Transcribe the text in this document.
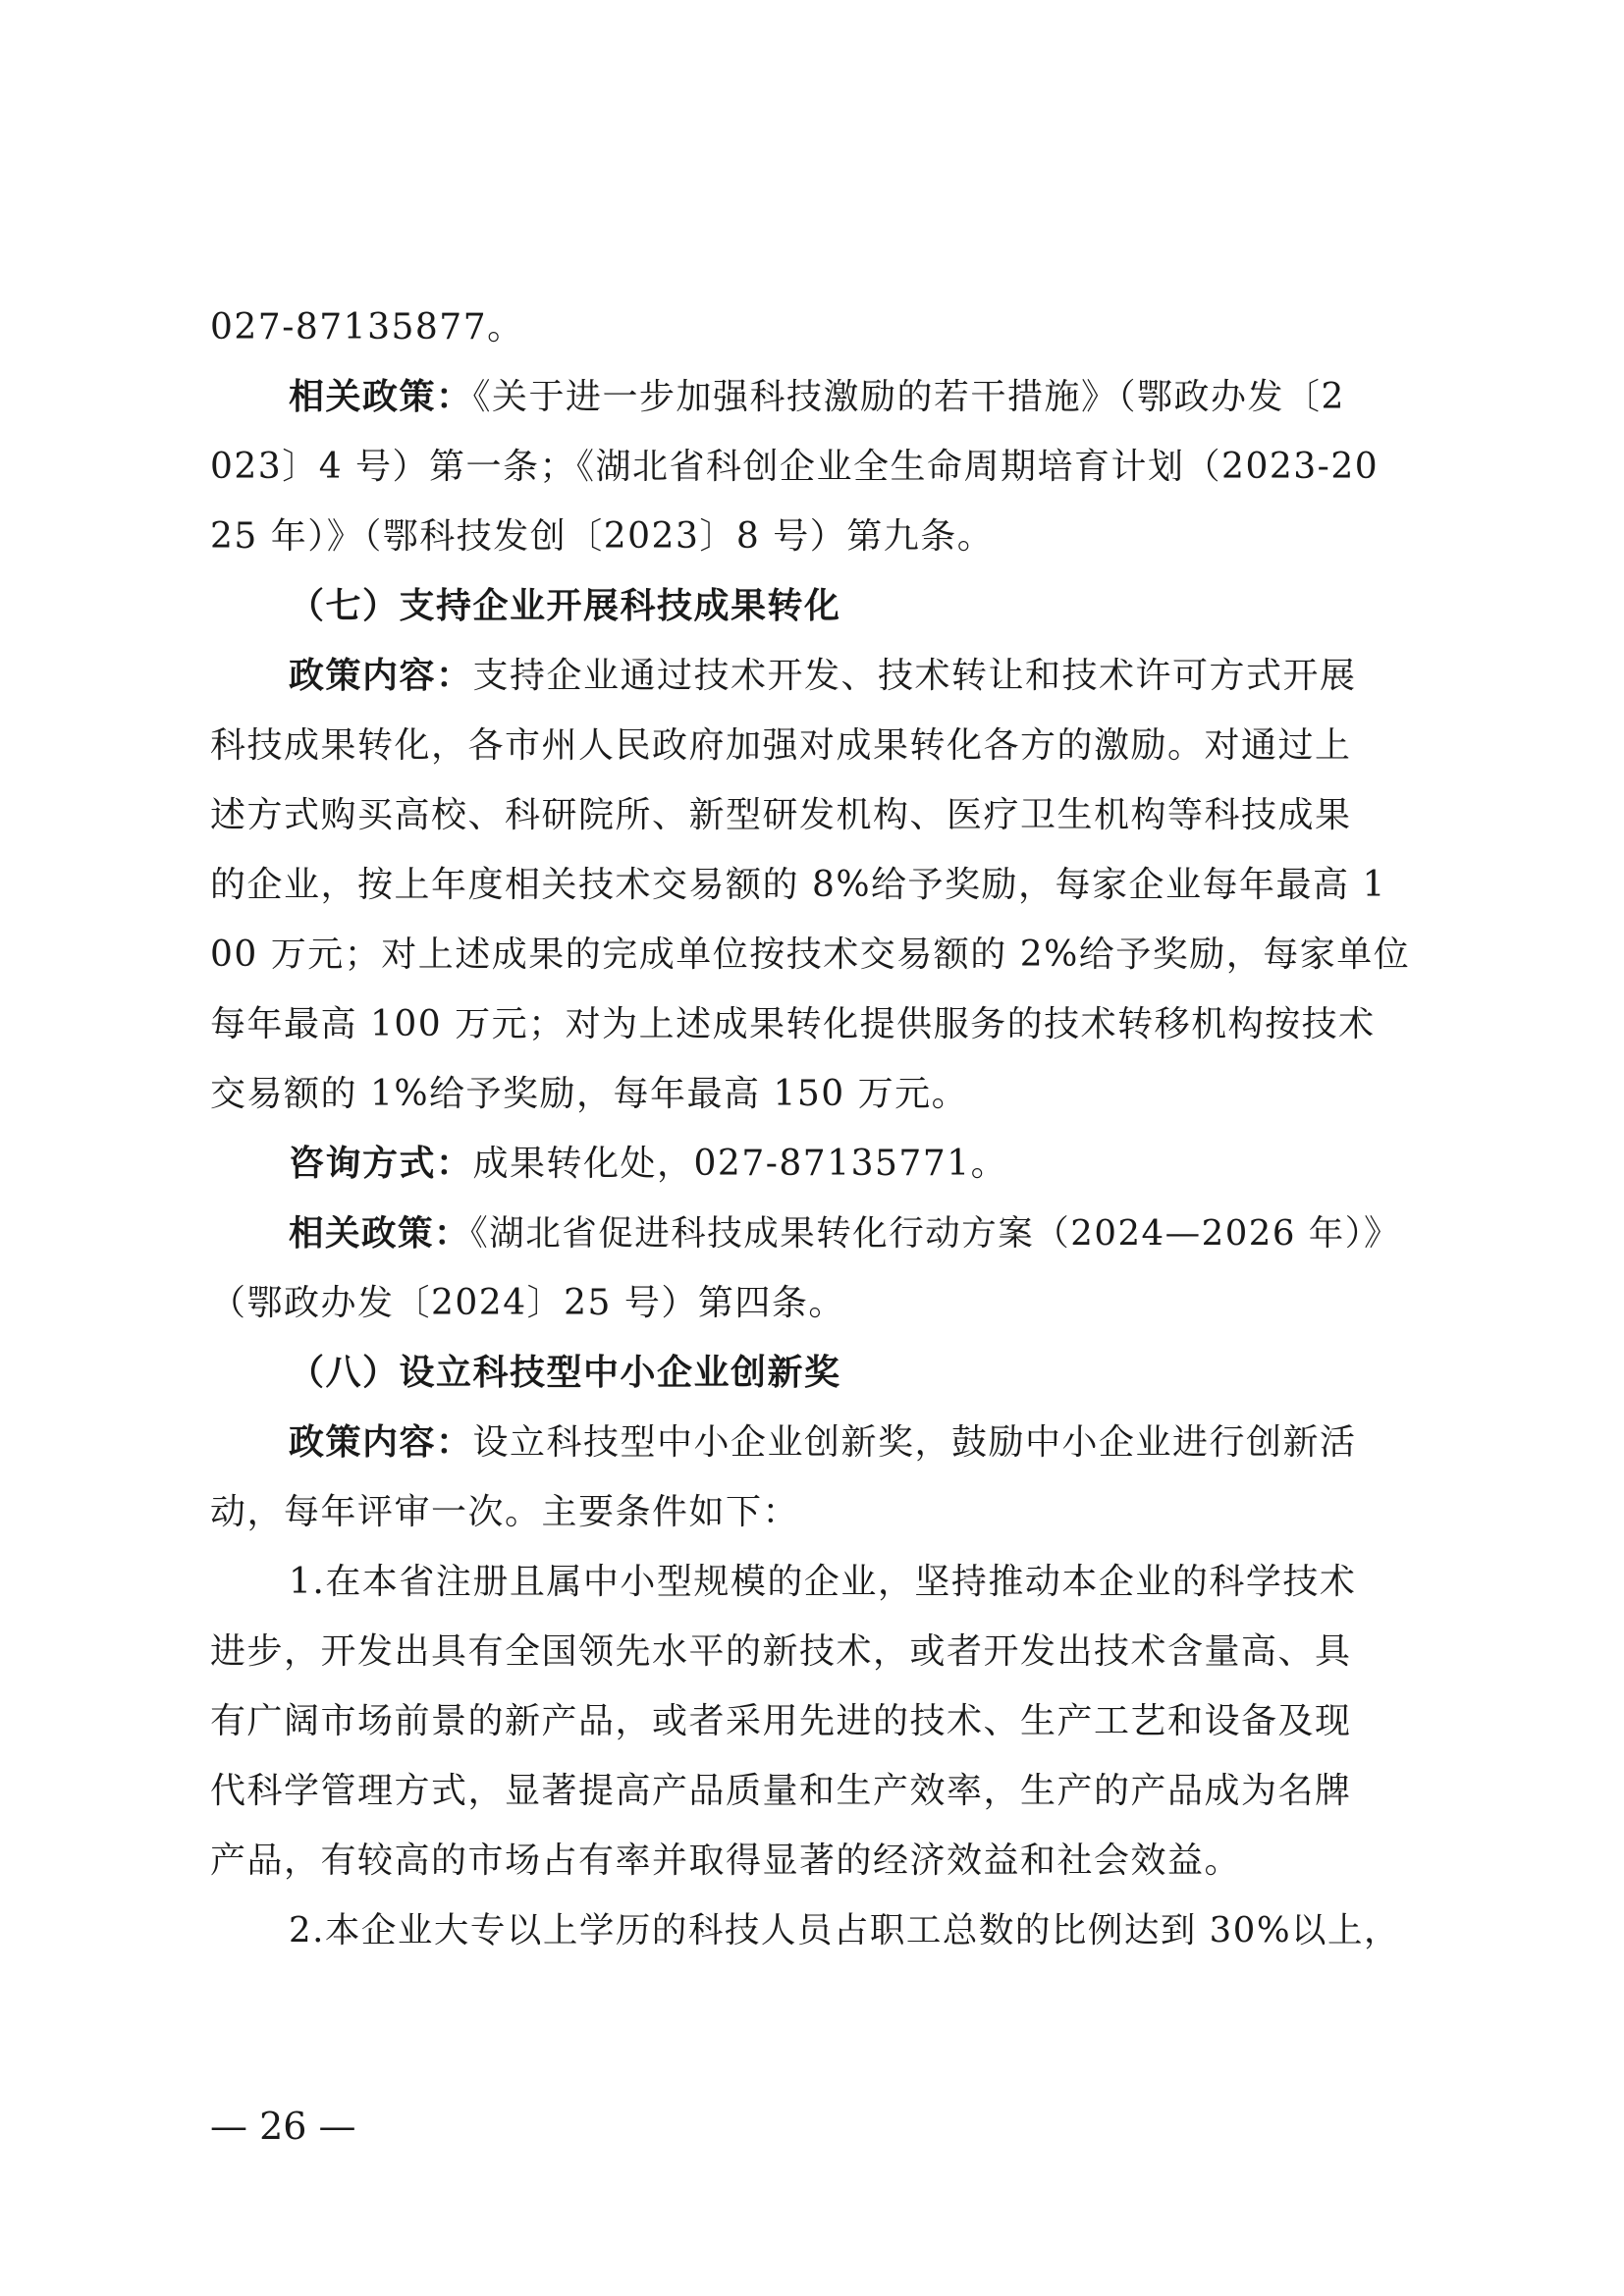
027-87135877。
相关政策：《关于进一步加强科技激励的若干措施》（鄂政办发〔2
023〕4 号）第一条；《湖北省科创企业全生命周期培育计划（2023-20
25 年）》（鄂科技发创〔2023〕8 号）第九条。
（七）支持企业开展科技成果转化
政策内容：支持企业通过技术开发、技术转让和技术许可方式开展
科技成果转化，各市州人民政府加强对成果转化各方的激励。对通过上
述方式购买高校、科研院所、新型研发机构、医疗卫生机构等科技成果
的企业，按上年度相关技术交易额的 8%给予奖励，每家企业每年最高 1
00 万元；对上述成果的完成单位按技术交易额的 2%给予奖励，每家单位
每年最高 100 万元；对为上述成果转化提供服务的技术转移机构按技术
交易额的 1%给予奖励，每年最高 150 万元。
咨询方式：成果转化处，027-87135771。
相关政策：《湖北省促进科技成果转化行动方案（2024—2026 年）》
（鄂政办发〔2024〕25 号）第四条。
（八）设立科技型中小企业创新奖
政策内容：设立科技型中小企业创新奖，鼓励中小企业进行创新活
动，每年评审一次。主要条件如下：
1.在本省注册且属中小型规模的企业，坚持推动本企业的科学技术
进步，开发出具有全国领先水平的新技术，或者开发出技术含量高、具
有广阔市场前景的新产品，或者采用先进的技术、生产工艺和设备及现
代科学管理方式，显著提高产品质量和生产效率，生产的产品成为名牌
产品，有较高的市场占有率并取得显著的经济效益和社会效益。
2.本企业大专以上学历的科技人员占职工总数的比例达到 30%以上，
— 26 —
